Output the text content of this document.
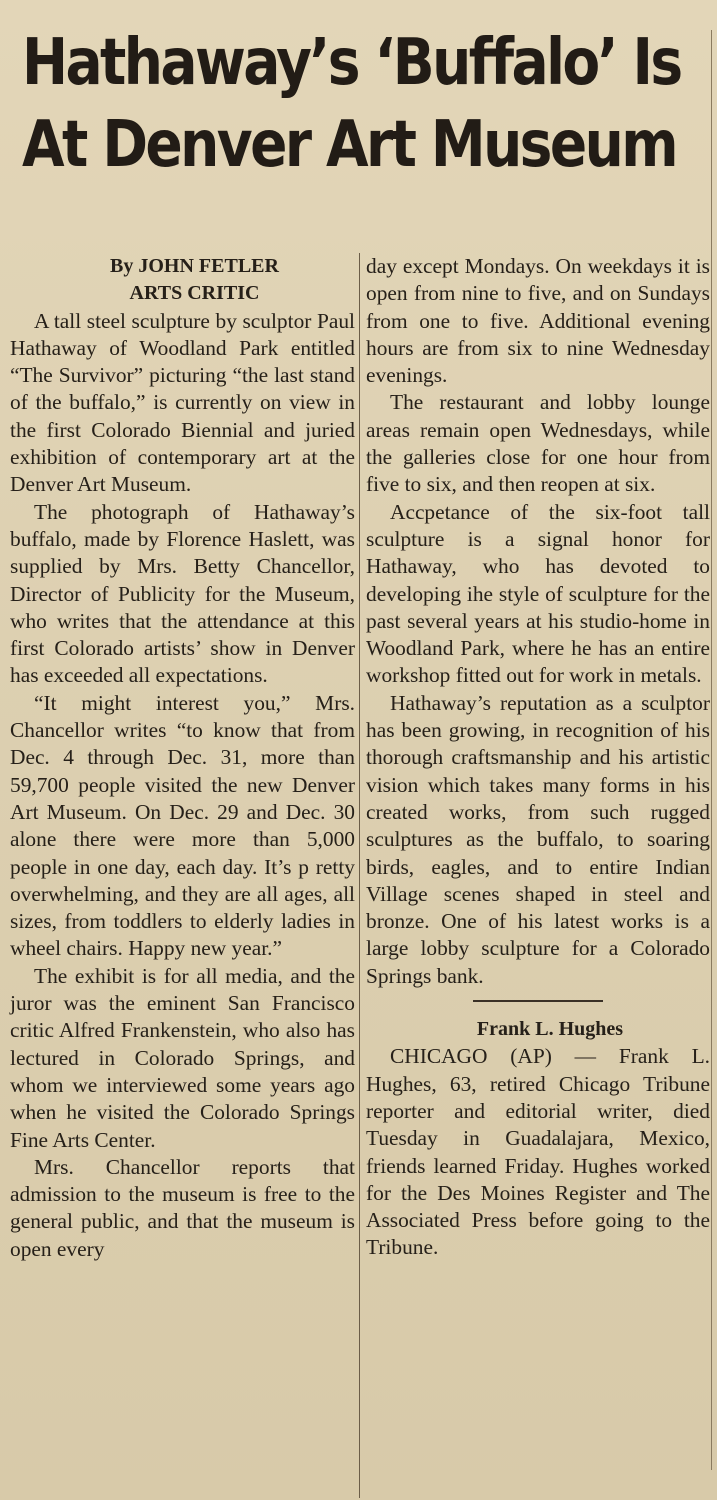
Hathaway’s ‘Buffalo’ Is
At Denver Art Museum

By JOHN FETLER

ARTS CRITIC

A tall steel sculpture by sculptor Paul Hathaway of Woodland Park entitled “The Survivor” picturing “the last stand of the buffalo,” is currently on view in the first Colorado Biennial and juried exhibition of contemporary art at the Denver Art Museum.

The photograph of Hathaway’s buffalo, made by Florence Haslett, was supplied by Mrs. Betty Chancellor, Director of Publicity for the Museum, who writes that the attendance at this first Colorado artists’ show in Denver has exceeded all expectations.

“It might interest you,” Mrs. Chancellor writes “to know that from Dec. 4 through Dec. 31, more than 59,700 people visited the new Denver Art Museum. On Dec. 29 and Dec. 30 alone there were more than 5,000 people in one day, each day. It’s p retty overwhelming, and they are all ages, all sizes, from toddlers to elderly ladies in wheel chairs. Happy new year.”

The exhibit is for all media, and the juror was the eminent San Francisco critic Alfred Frankenstein, who also has lectured in Colorado Springs, and whom we interviewed some years ago when he visited the Colorado Springs Fine Arts Center.

Mrs. Chancellor reports that admission to the museum is free to the general public, and that the museum is open every

day except Mondays. On weekdays it is open from nine to five, and on Sundays from one to five. Additional evening hours are from six to nine Wednesday evenings.

The restaurant and lobby lounge areas remain open Wednesdays, while the galleries close for one hour from five to six, and then reopen at six.

Accpetance of the six-foot tall sculpture is a signal honor for Hathaway, who has devoted to developing ihe style of sculpture for the past several years at his studio-home in Woodland Park, where he has an entire workshop fitted out for work in metals.

Hathaway’s reputation as a sculptor has been growing, in recognition of his thorough craftsmanship and his artistic vision which takes many forms in his created works, from such rugged sculptures as the buffalo, to soaring birds, eagles, and to entire Indian Village scenes shaped in steel and bronze. One of his latest works is a large lobby sculpture for a Colorado Springs bank.

Frank L. Hughes

CHICAGO (AP) — Frank L. Hughes, 63, retired Chicago Tribune reporter and editorial writer, died Tuesday in Guadalajara, Mexico, friends learned Friday. Hughes worked for the Des Moines Register and The Associated Press before going to the Tribune.
